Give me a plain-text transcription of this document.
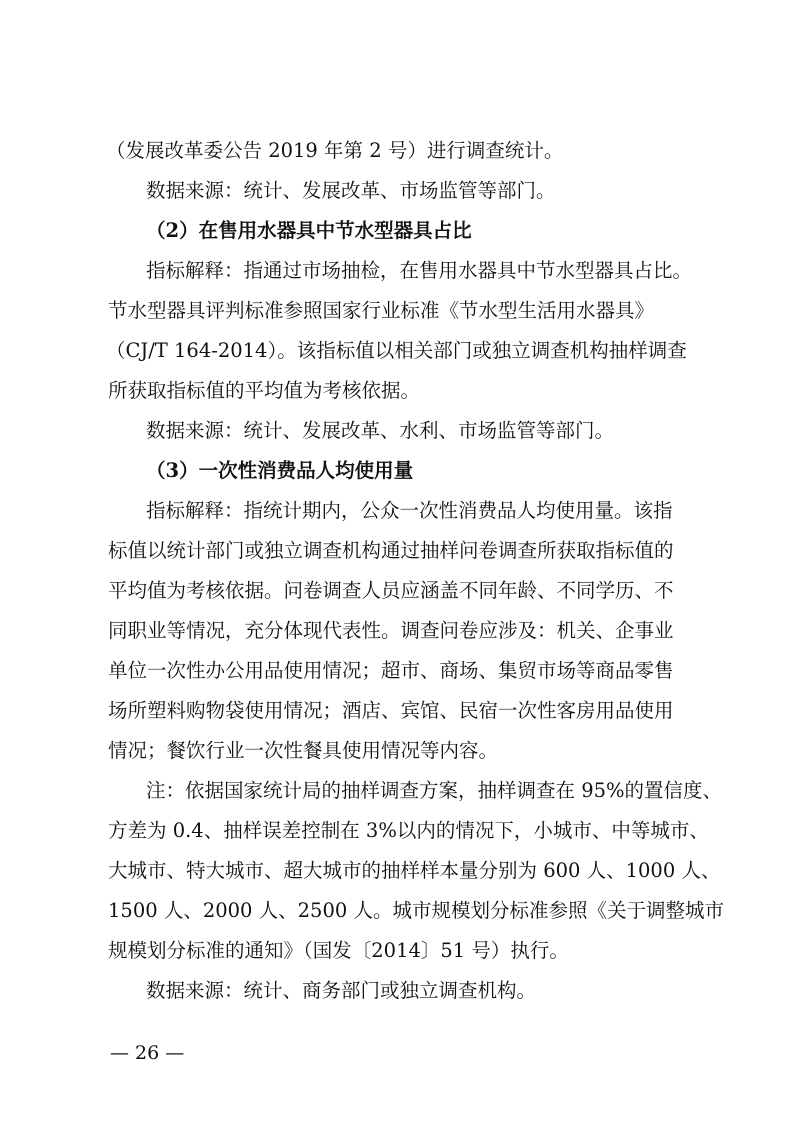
（发展改革委公告 2019 年第 2 号）进行调查统计。
数据来源：统计、发展改革、市场监管等部门。
（2）在售用水器具中节水型器具占比
指标解释：指通过市场抽检，在售用水器具中节水型器具占比。
节水型器具评判标准参照国家行业标准《节水型生活用水器具》
（CJ/T 164-2014）。该指标值以相关部门或独立调查机构抽样调查
所获取指标值的平均值为考核依据。
数据来源：统计、发展改革、水利、市场监管等部门。
（3）一次性消费品人均使用量
指标解释：指统计期内，公众一次性消费品人均使用量。该指
标值以统计部门或独立调查机构通过抽样问卷调查所获取指标值的
平均值为考核依据。问卷调查人员应涵盖不同年龄、不同学历、不
同职业等情况，充分体现代表性。调查问卷应涉及：机关、企事业
单位一次性办公用品使用情况；超市、商场、集贸市场等商品零售
场所塑料购物袋使用情况；酒店、宾馆、民宿一次性客房用品使用
情况；餐饮行业一次性餐具使用情况等内容。
注：依据国家统计局的抽样调查方案，抽样调查在 95%的置信度、
方差为 0.4、抽样误差控制在 3%以内的情况下，小城市、中等城市、
大城市、特大城市、超大城市的抽样样本量分别为 600 人、1000 人、
1500 人、2000 人、2500 人。城市规模划分标准参照《关于调整城市
规模划分标准的通知》（国发〔2014〕51 号）执行。
数据来源：统计、商务部门或独立调查机构。
— 26 —
